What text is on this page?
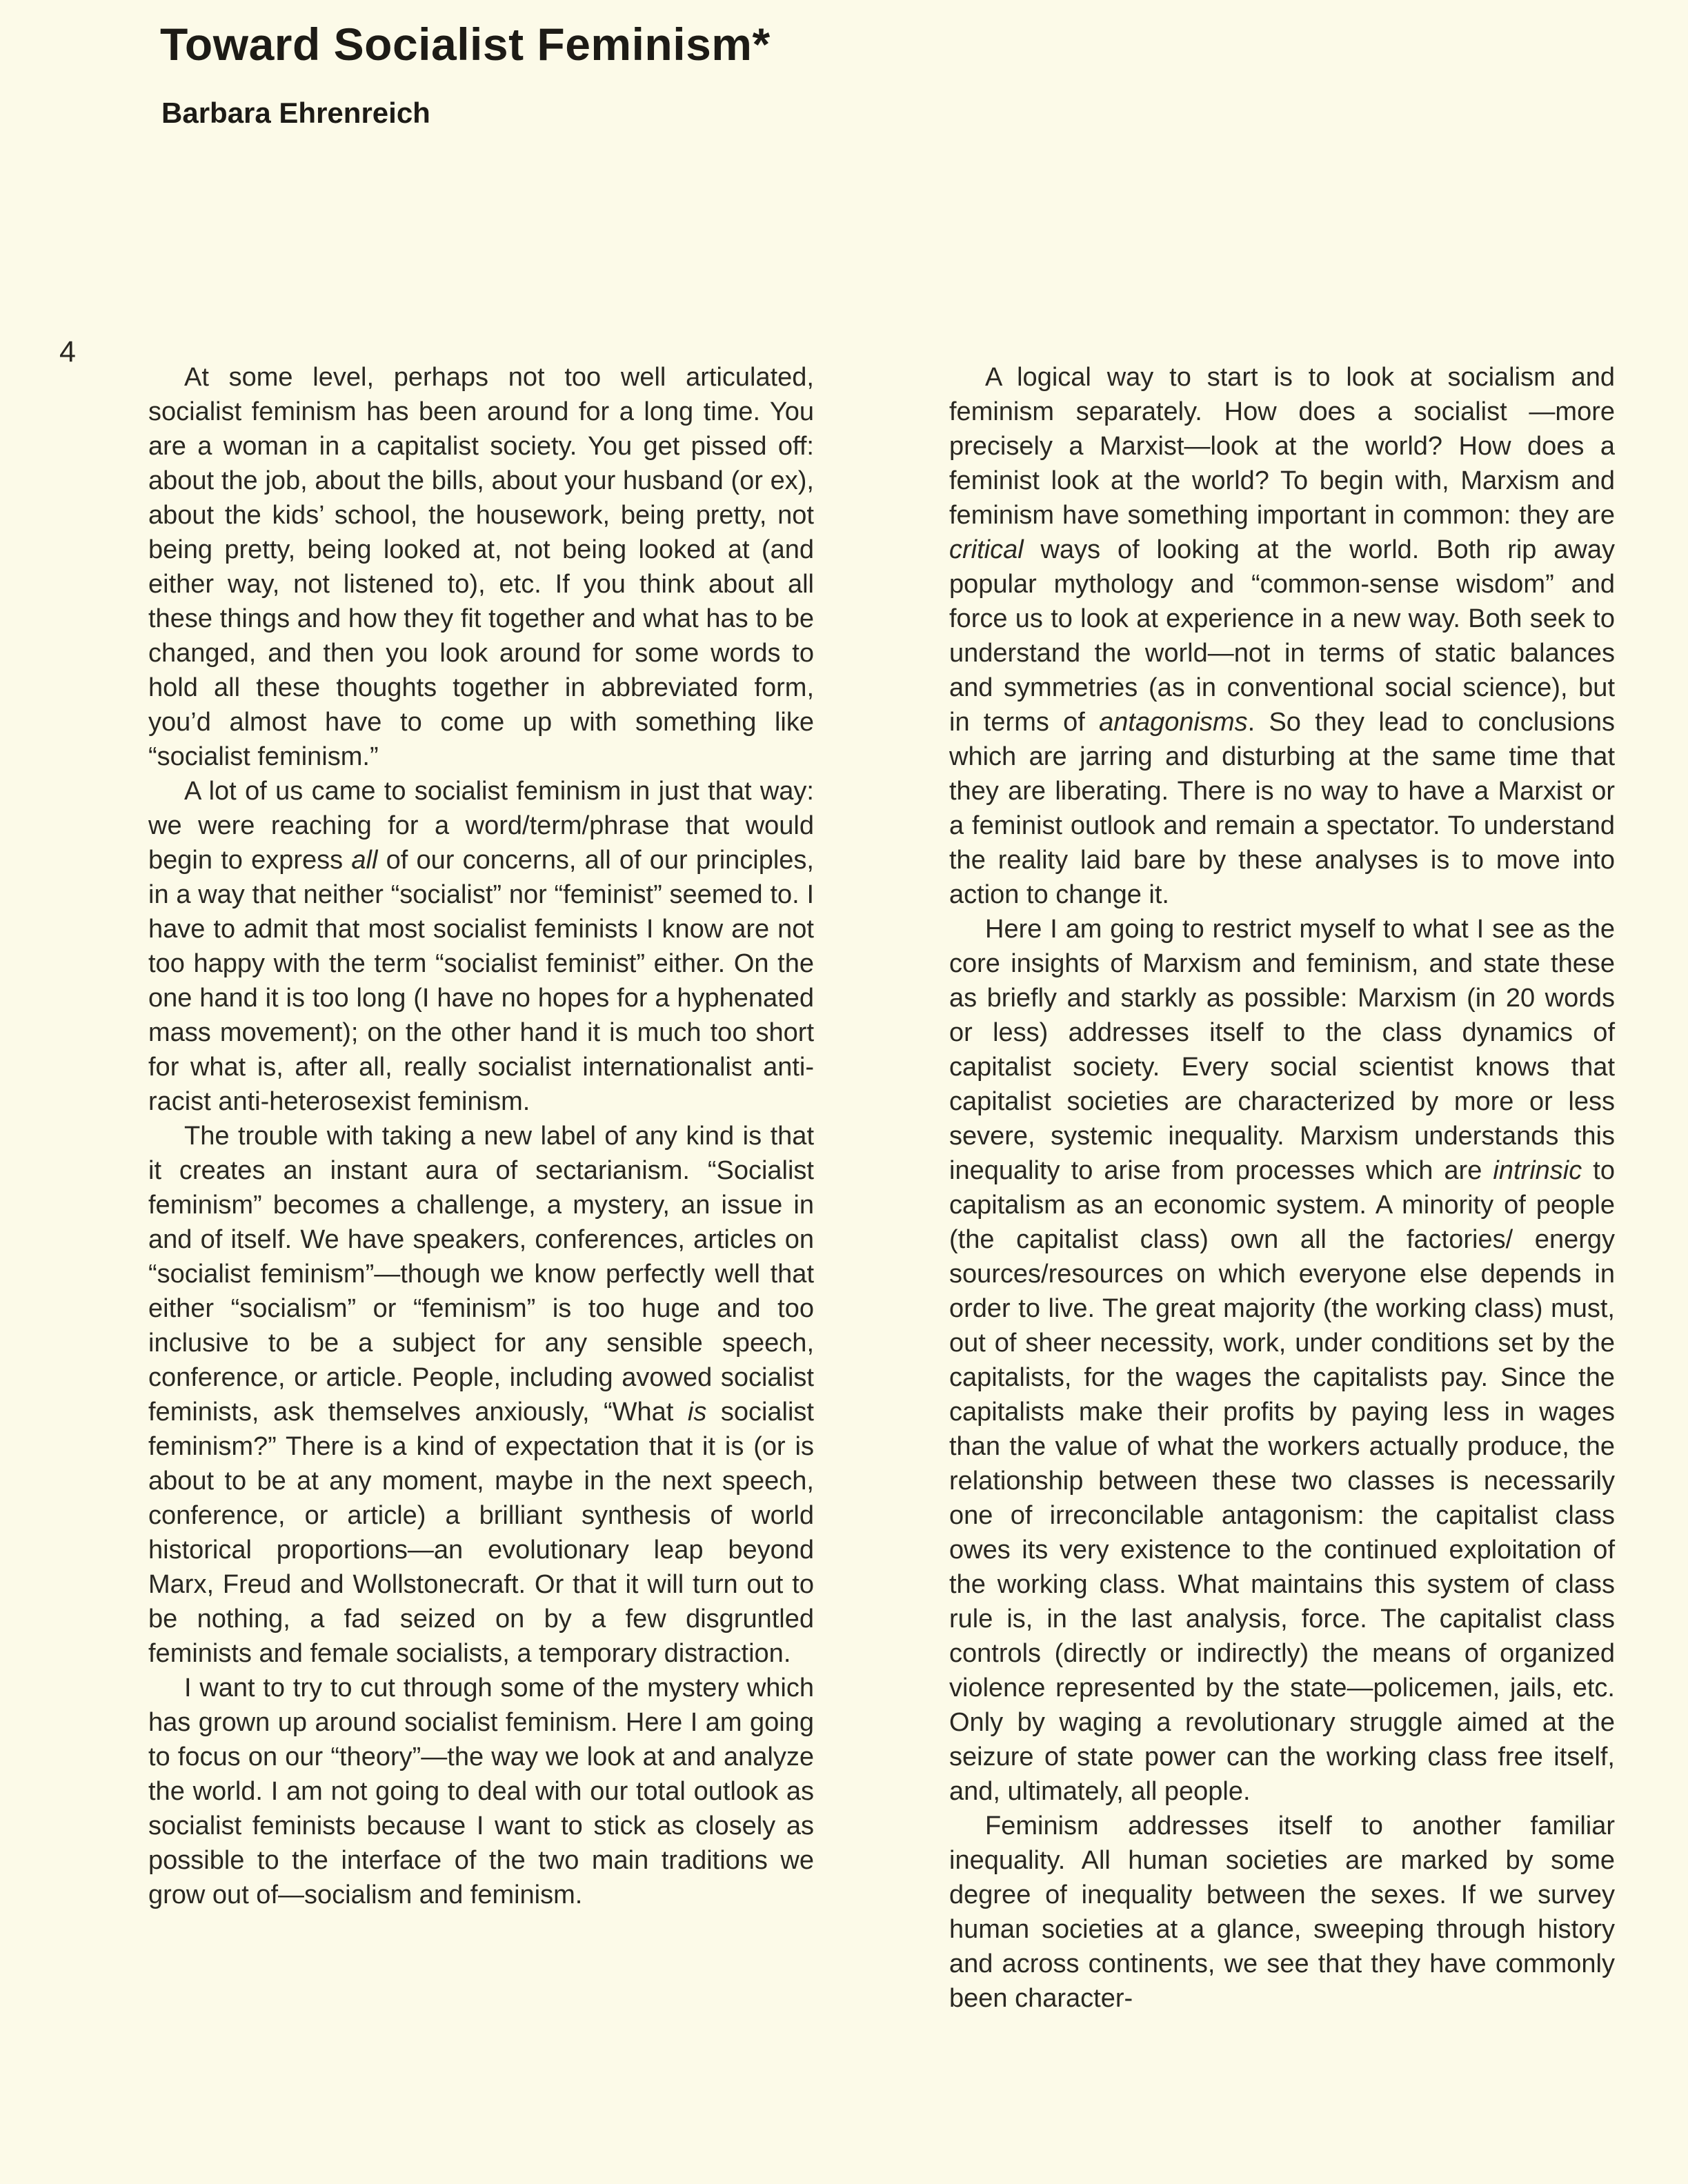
Toward Socialist Feminism*
Barbara Ehrenreich
4

At some level, perhaps not too well articulated, socialist feminism has been around for a long time. You are a woman in a capitalist society. You get pissed off: about the job, about the bills, about your husband (or ex), about the kids’ school, the housework, being pretty, not being pretty, being looked at, not being looked at (and either way, not listened to), etc. If you think about all these things and how they fit together and what has to be changed, and then you look around for some words to hold all these thoughts together in abbreviated form, you’d almost have to come up with something like “socialist feminism.”

A lot of us came to socialist feminism in just that way: we were reaching for a word/term/phrase that would begin to express all of our concerns, all of our principles, in a way that neither “socialist” nor “feminist” seemed to. I have to admit that most socialist feminists I know are not too happy with the term “socialist feminist” either. On the one hand it is too long (I have no hopes for a hyphenated mass movement); on the other hand it is much too short for what is, after all, really socialist internationalist anti-racist anti-heterosexist feminism.

The trouble with taking a new label of any kind is that it creates an instant aura of sectarianism. “Socialist feminism” becomes a challenge, a mystery, an issue in and of itself. We have speakers, conferences, articles on “socialist feminism”—though we know perfectly well that either “socialism” or “feminism” is too huge and too inclusive to be a subject for any sensible speech, conference, or article. People, including avowed socialist feminists, ask themselves anxiously, “What is socialist feminism?” There is a kind of expectation that it is (or is about to be at any moment, maybe in the next speech, conference, or article) a brilliant synthesis of world historical proportions—an evolutionary leap beyond Marx, Freud and Wollstonecraft. Or that it will turn out to be nothing, a fad seized on by a few disgruntled feminists and female socialists, a temporary distraction.

I want to try to cut through some of the mystery which has grown up around socialist feminism. Here I am going to focus on our “theory”—the way we look at and analyze the world. I am not going to deal with our total outlook as socialist feminists because I want to stick as closely as possible to the interface of the two main traditions we grow out of—socialism and feminism.

A logical way to start is to look at socialism and feminism separately. How does a socialist —more precisely a Marxist—look at the world? How does a feminist look at the world? To begin with, Marxism and feminism have something important in common: they are critical ways of looking at the world. Both rip away popular mythology and “common-sense wisdom” and force us to look at experience in a new way. Both seek to understand the world—not in terms of static balances and symmetries (as in conventional social science), but in terms of antagonisms. So they lead to conclusions which are jarring and disturbing at the same time that they are liberating. There is no way to have a Marxist or a feminist outlook and remain a spectator. To understand the reality laid bare by these analyses is to move into action to change it.

Here I am going to restrict myself to what I see as the core insights of Marxism and feminism, and state these as briefly and starkly as possible: Marxism (in 20 words or less) addresses itself to the class dynamics of capitalist society. Every social scientist knows that capitalist societies are characterized by more or less severe, systemic inequality. Marxism understands this inequality to arise from processes which are intrinsic to capitalism as an economic system. A minority of people (the capitalist class) own all the factories/ energy sources/resources on which everyone else depends in order to live. The great majority (the working class) must, out of sheer necessity, work, under conditions set by the capitalists, for the wages the capitalists pay. Since the capitalists make their profits by paying less in wages than the value of what the workers actually produce, the relationship between these two classes is necessarily one of irreconcilable antagonism: the capitalist class owes its very existence to the continued exploitation of the working class. What maintains this system of class rule is, in the last analysis, force. The capitalist class controls (directly or indirectly) the means of organized violence represented by the state—policemen, jails, etc. Only by waging a revolutionary struggle aimed at the seizure of state power can the working class free itself, and, ultimately, all people.

Feminism addresses itself to another familiar inequality. All human societies are marked by some degree of inequality between the sexes. If we survey human societies at a glance, sweeping through history and across continents, we see that they have commonly been character-
